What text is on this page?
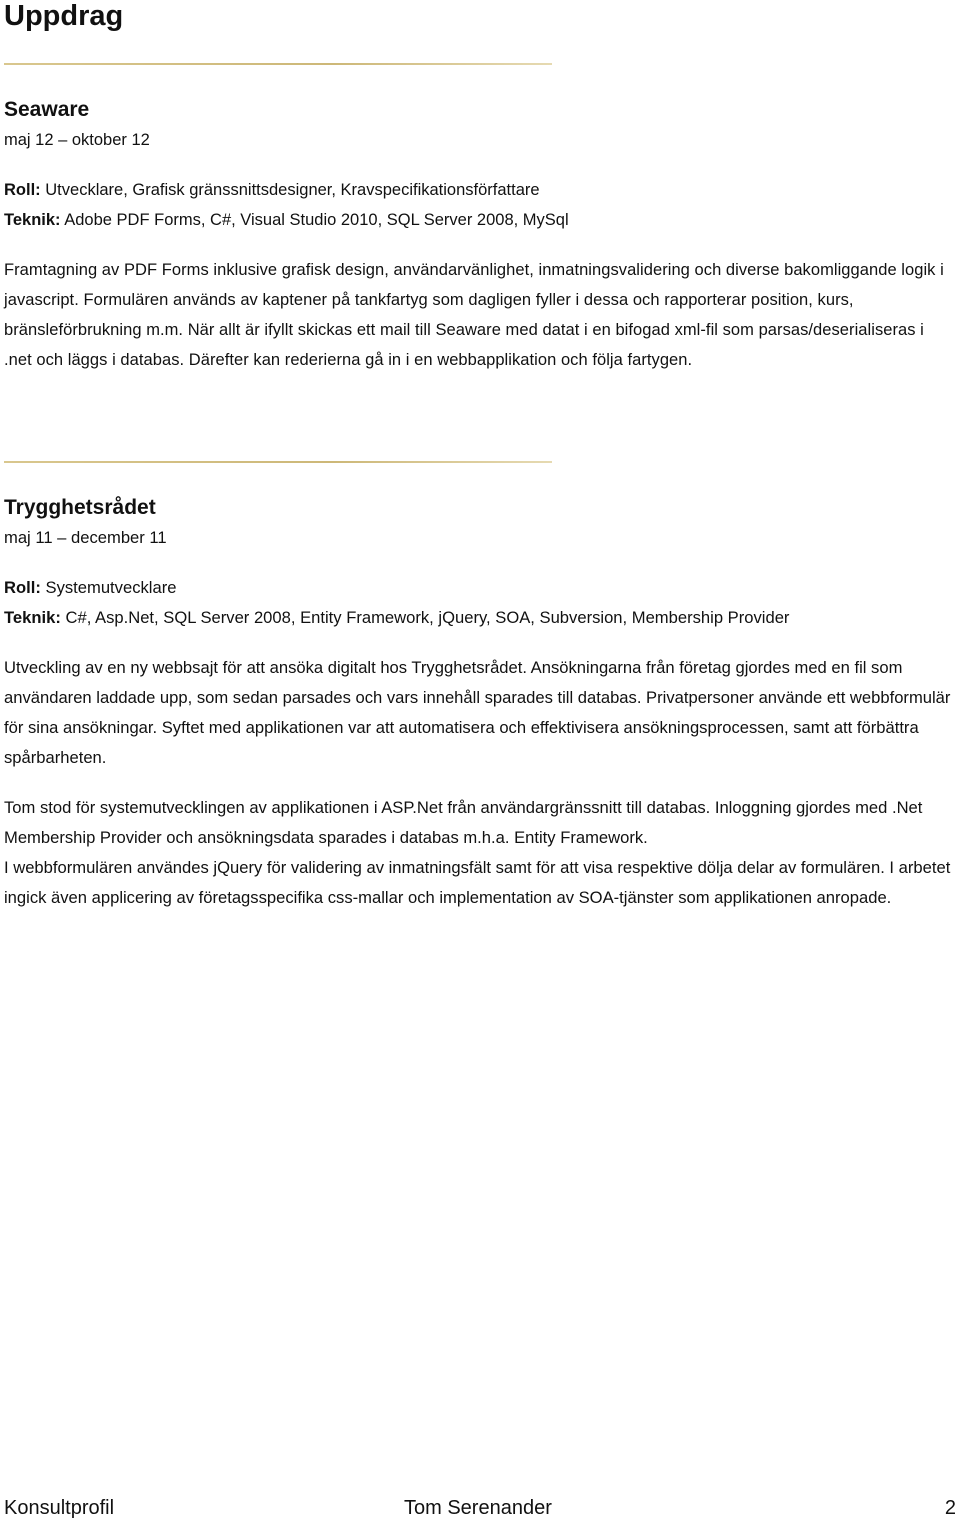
Uppdrag
Seaware

maj 12 – oktober 12

Roll: Utvecklare, Grafisk gränssnittsdesigner, Kravspecifikationsförfattare

Teknik: Adobe PDF Forms, C#, Visual Studio 2010, SQL Server 2008, MySql

Framtagning av PDF Forms inklusive grafisk design, användarvänlighet, inmatningsvalidering och diverse bakomliggande logik i javascript. Formulären används av kaptener på tankfartyg som dagligen fyller i dessa och rapporterar position, kurs, bränsleförbrukning m.m. När allt är ifyllt skickas ett mail till Seaware med datat i en bifogad xml-fil som parsas/deserialiseras i .net och läggs i databas. Därefter kan rederierna gå in i en webbapplikation och följa fartygen.

Trygghetsrådet

maj 11 – december 11

Roll: Systemutvecklare

Teknik: C#, Asp.Net, SQL Server 2008, Entity Framework, jQuery, SOA, Subversion, Membership Provider

Utveckling av en ny webbsajt för att ansöka digitalt hos Trygghetsrådet. Ansökningarna från företag gjordes med en fil som användaren laddade upp, som sedan parsades och vars innehåll sparades till databas. Privatpersoner använde ett webbformulär för sina ansökningar. Syftet med applikationen var att automatisera och effektivisera ansökningsprocessen, samt att förbättra spårbarheten.

Tom stod för systemutvecklingen av applikationen i ASP.Net från användargränssnitt till databas. Inloggning gjordes med .Net Membership Provider och ansökningsdata sparades i databas m.h.a. Entity Framework.

I webbformulären användes jQuery för validering av inmatningsfält samt för att visa respektive dölja delar av formulären. I arbetet ingick även applicering av företagsspecifika css-mallar och implementation av SOA-tjänster som applikationen anropade.

Konsultprofil	Tom Serenander	2
